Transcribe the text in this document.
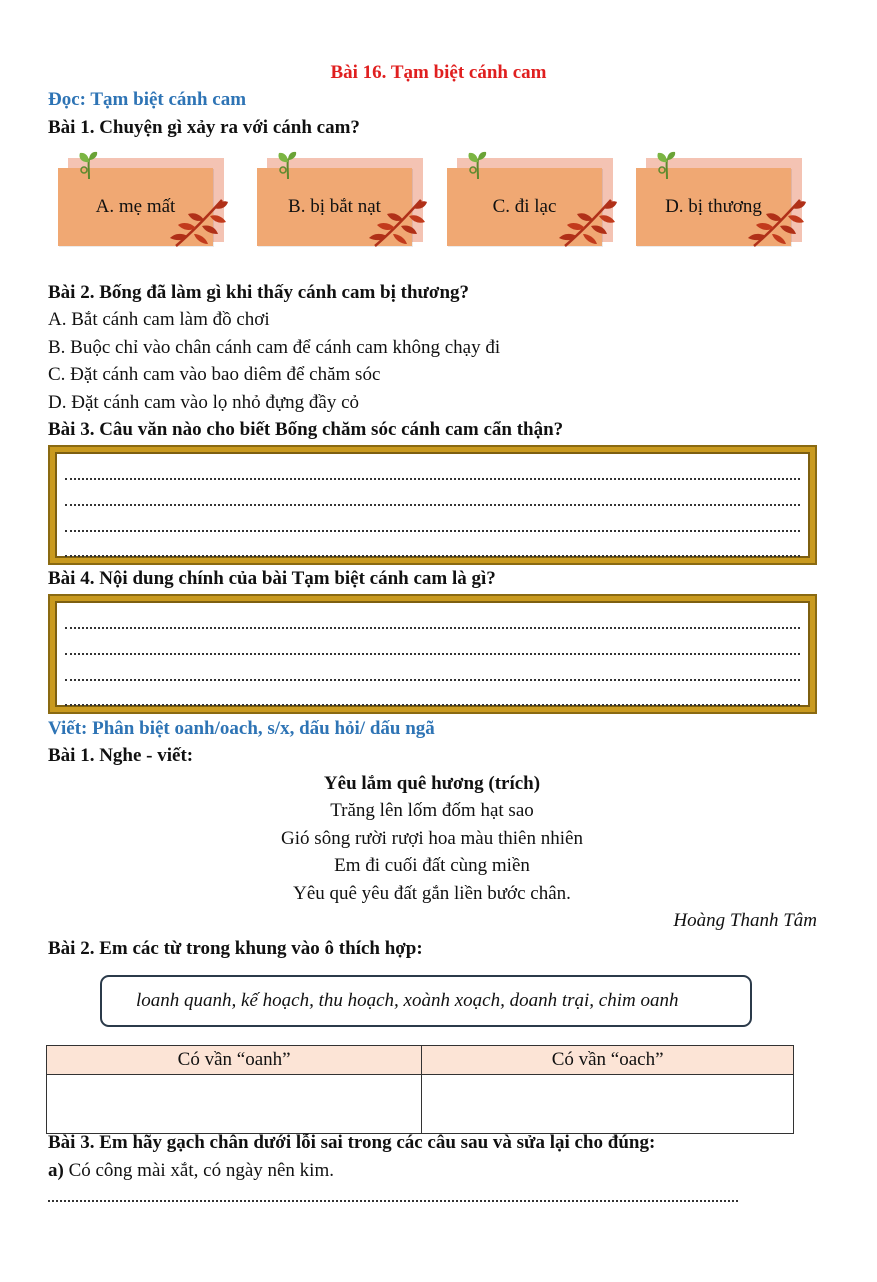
Bài 16. Tạm biệt cánh cam
Đọc: Tạm biệt cánh cam
Bài 1. Chuyện gì xảy ra với cánh cam?
A. mẹ mất	B. bị bắt nạt	C. đi lạc	D. bị thương
Bài 2. Bống đã làm gì khi thấy cánh cam bị thương?
A. Bắt cánh cam làm đồ chơi
B. Buộc chỉ vào chân cánh cam để cánh cam không chạy đi
C. Đặt cánh cam vào bao diêm để chăm sóc
D. Đặt cánh cam vào lọ nhỏ đựng đầy cỏ
Bài 3. Câu văn nào cho biết Bống chăm sóc cánh cam cẩn thận?
Bài 4. Nội dung chính của bài Tạm biệt cánh cam là gì?
Viết: Phân biệt oanh/oach, s/x, dấu hỏi/ dấu ngã
Bài 1. Nghe - viết:
Yêu lắm quê hương (trích)
Trăng lên lốm đốm hạt sao
Gió sông rười rượi hoa màu thiên nhiên
Em đi cuối đất cùng miền
Yêu quê yêu đất gắn liền bước chân.
Hoàng Thanh Tâm
Bài 2. Em các từ trong khung vào ô thích hợp:
loanh quanh, kế hoạch, thu hoạch, xoành xoạch, doanh trại, chim oanh
Có vần “oanh”	Có vần “oach”

Bài 3. Em hãy gạch chân dưới lỗi sai trong các câu sau và sửa lại cho đúng:
a) Có công mài xắt, có ngày nên kim.
